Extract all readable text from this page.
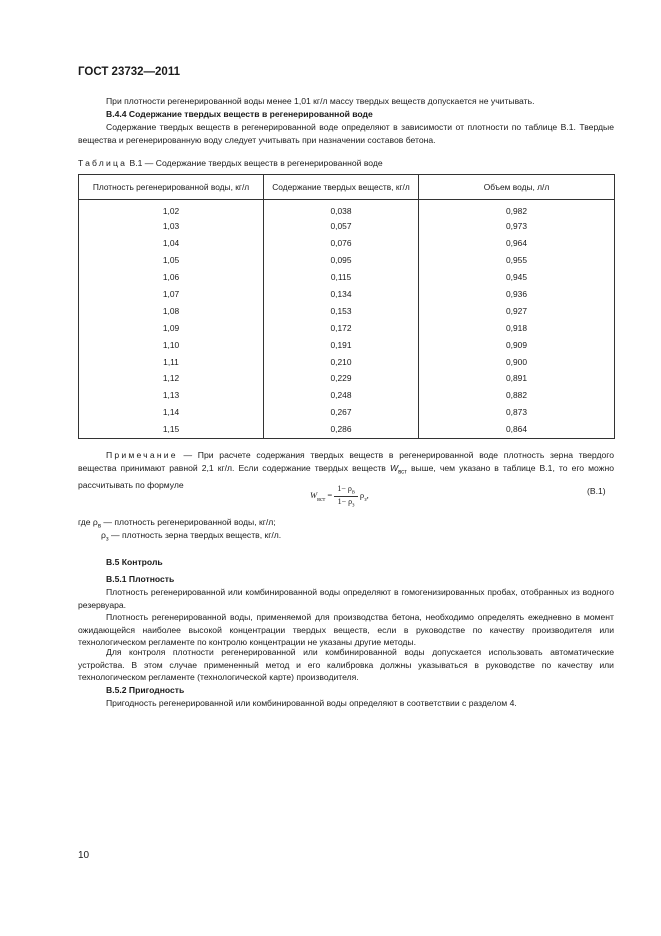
ГОСТ 23732—2011
При плотности регенерированной воды менее 1,01 кг/л массу твердых веществ допускается не учитывать.
В.4.4 Содержание твердых веществ в регенерированной воде
Содержание твердых веществ в регенерированной воде определяют в зависимости от плотности по таблице В.1. Твердые вещества и регенерированную воду следует учитывать при назначении составов бетона.
Таблица В.1 — Содержание твердых веществ в регенерированной воде
Плотность регенерированной воды, кг/л	Содержание твердых веществ, кг/л	Объем воды, л/л
1,02	0,038	0,982
1,03	0,057	0,973
1,04	0,076	0,964
1,05	0,095	0,955
1,06	0,115	0,945
1,07	0,134	0,936
1,08	0,153	0,927
1,09	0,172	0,918
1,10	0,191	0,909
1,11	0,210	0,900
1,12	0,229	0,891
1,13	0,248	0,882
1,14	0,267	0,873
1,15	0,286	0,864
Примечание — При расчете содержания твердых веществ в регенерированной воде плотность зерна твердого вещества принимают равной 2,1 кг/л. Если содержание твердых веществ $W_{вст}$ выше, чем указано в таблице В.1, то его можно рассчитывать по формуле
$W_{вст} = \frac{1- \rho_в}{1- \rho_з} \rho_з$,	(В.1)
где $\rho_в$ — плотность регенерированной воды, кг/л;
$\rho_з$ — плотность зерна твердых веществ, кг/л.
В.5 Контроль
В.5.1 Плотность
Плотность регенерированной или комбинированной воды определяют в гомогенизированных пробах, отобранных из водного резервуара.
Плотность регенерированной воды, применяемой для производства бетона, необходимо определять ежедневно в момент ожидающейся наиболее высокой концентрации твердых веществ, если в руководстве по качеству производителя или технологическом регламенте по контролю концентрации не указаны другие методы.
Для контроля плотности регенерированной или комбинированной воды допускается использовать автоматические устройства. В этом случае примененный метод и его калибровка должны указываться в руководстве по качеству или технологическом регламенте (технологической карте) производителя.
В.5.2 Пригодность
Пригодность регенерированной или комбинированной воды определяют в соответствии с разделом 4.
10
